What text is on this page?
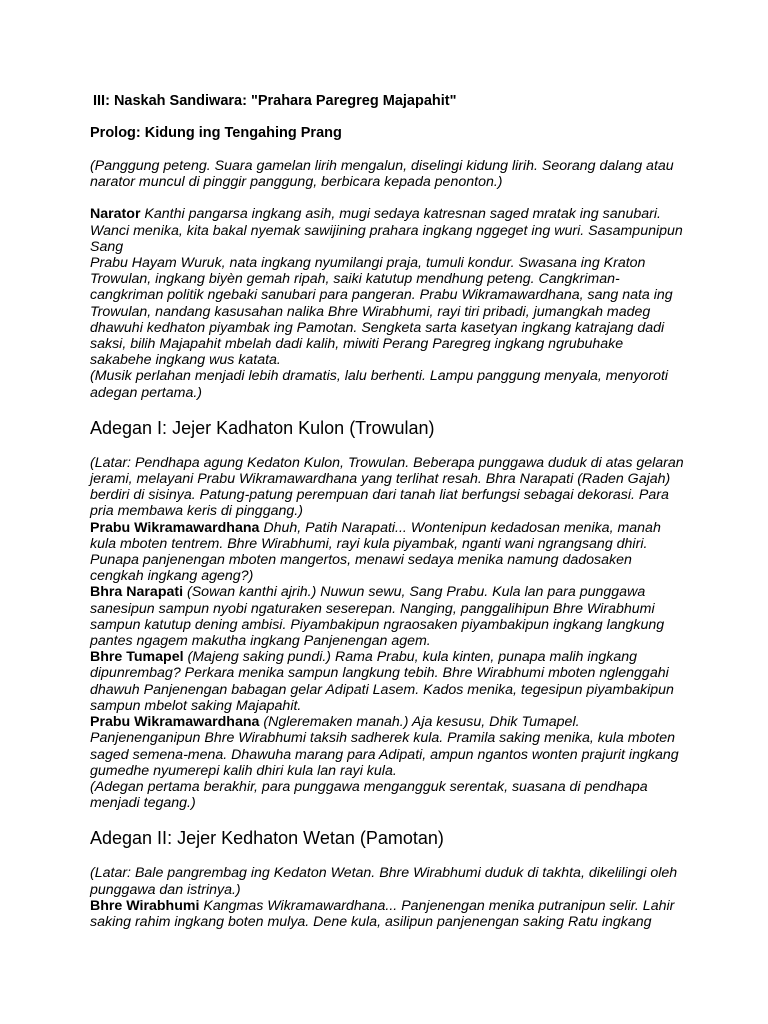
III: Naskah Sandiwara: "Prahara Paregreg Majapahit"

Prolog: Kidung ing Tengahing Prang

(Panggung peteng. Suara gamelan lirih mengalun, diselingi kidung lirih. Seorang dalang atau narator muncul di pinggir panggung, berbicara kepada penonton.)

Narator Kanthi pangarsa ingkang asih, mugi sedaya katresnan saged mratak ing sanubari. Wanci menika, kita bakal nyemak sawijining prahara ingkang nggeget ing wuri. Sasampunipun Sang

Prabu Hayam Wuruk, nata ingkang nyumilangi praja, tumuli kondur. Swasana ing Kraton Trowulan, ingkang biyèn gemah ripah, saiki katutup mendhung peteng. Cangkriman-cangkriman politik ngebaki sanubari para pangeran. Prabu Wikramawardhana, sang nata ing Trowulan, nandang kasusahan nalika Bhre Wirabhumi, rayi tiri pribadi, jumangkah madeg dhawuhi kedhaton piyambak ing Pamotan. Sengketa sarta kasetyan ingkang katrajang dadi saksi, bilih Majapahit mbelah dadi kalih, miwiti Perang Paregreg ingkang ngrubuhake sakabehe ingkang wus katata.

(Musik perlahan menjadi lebih dramatis, lalu berhenti. Lampu panggung menyala, menyoroti adegan pertama.)

Adegan I: Jejer Kadhaton Kulon (Trowulan)

(Latar: Pendhapa agung Kedaton Kulon, Trowulan. Beberapa punggawa duduk di atas gelaran jerami, melayani Prabu Wikramawardhana yang terlihat resah. Bhra Narapati (Raden Gajah) berdiri di sisinya. Patung-patung perempuan dari tanah liat berfungsi sebagai dekorasi. Para pria membawa keris di pinggang.)

Prabu Wikramawardhana Dhuh, Patih Narapati... Wontenipun kedadosan menika, manah kula mboten tentrem. Bhre Wirabhumi, rayi kula piyambak, nganti wani ngrangsang dhiri. Punapa panjenengan mboten mangertos, menawi sedaya menika namung dadosaken cengkah ingkang ageng?)

Bhra Narapati (Sowan kanthi ajrih.) Nuwun sewu, Sang Prabu. Kula lan para punggawa sanesipun sampun nyobi ngaturaken seserepan. Nanging, panggalihipun Bhre Wirabhumi sampun katutup dening ambisi. Piyambakipun ngraosaken piyambakipun ingkang langkung pantes ngagem makutha ingkang Panjenengan agem.

Bhre Tumapel (Majeng saking pundi.) Rama Prabu, kula kinten, punapa malih ingkang dipunrembag? Perkara menika sampun langkung tebih. Bhre Wirabhumi mboten nglenggahi dhawuh Panjenengan babagan gelar Adipati Lasem. Kados menika, tegesipun piyambakipun sampun mbelot saking Majapahit.

Prabu Wikramawardhana (Ngleremaken manah.) Aja kesusu, Dhik Tumapel. Panjenenganipun Bhre Wirabhumi taksih sadherek kula. Pramila saking menika, kula mboten saged semena-mena. Dhawuha marang para Adipati, ampun ngantos wonten prajurit ingkang gumedhe nyumerepi kalih dhiri kula lan rayi kula.

(Adegan pertama berakhir, para punggawa mengangguk serentak, suasana di pendhapa menjadi tegang.)

Adegan II: Jejer Kedhaton Wetan (Pamotan)

(Latar: Bale pangrembag ing Kedaton Wetan. Bhre Wirabhumi duduk di takhta, dikelilingi oleh punggawa dan istrinya.)

Bhre Wirabhumi Kangmas Wikramawardhana... Panjenengan menika putranipun selir. Lahir saking rahim ingkang boten mulya. Dene kula, asilipun panjenengan saking Ratu ingkang
